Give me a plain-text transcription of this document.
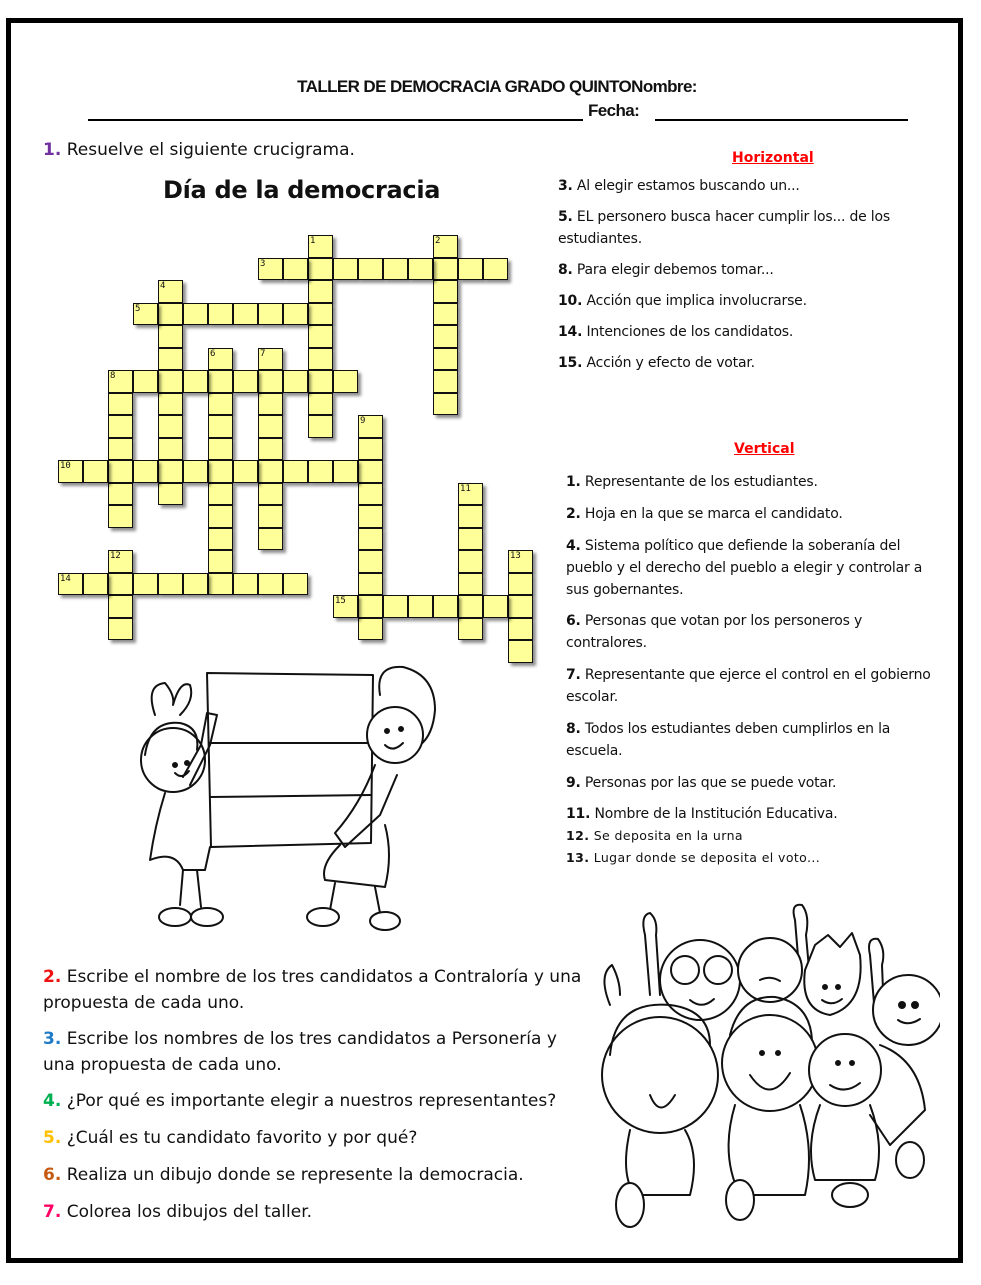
TALLER DE DEMOCRACIA GRADO QUINTONombre:
Fecha:
1. Resuelve el siguiente crucigrama.
Día de la democracia
1	2
3
4
5
6	7
8
9
10
11
12	13
14
15
Horizontal
3. Al elegir estamos buscando un...
5. EL personero busca hacer cumplir los... de los estudiantes.
8. Para elegir debemos tomar...
10. Acción que implica involucrarse.
14. Intenciones de los candidatos.
15. Acción y efecto de votar.
Vertical
1. Representante de los estudiantes.
2. Hoja en la que se marca el candidato.
4. Sistema político que defiende la soberanía del pueblo y el derecho del pueblo a elegir y controlar a sus gobernantes.
6. Personas que votan por los personeros y contralores.
7. Representante que ejerce el control en el gobierno escolar.
8. Todos los estudiantes deben cumplirlos en la escuela.
9. Personas por las que se puede votar.
11. Nombre de la Institución Educativa.
12. Se deposita en la urna
13. Lugar donde se deposita el voto...
2. Escribe el nombre de los tres candidatos a Contraloría y una propuesta de cada uno.
3. Escribe los nombres de los tres candidatos a Personería y una propuesta de cada uno.
4. ¿Por qué es importante elegir a nuestros representantes?
5. ¿Cuál es tu candidato favorito y por qué?
6. Realiza un dibujo donde se represente la democracia.
7. Colorea los dibujos del taller.
